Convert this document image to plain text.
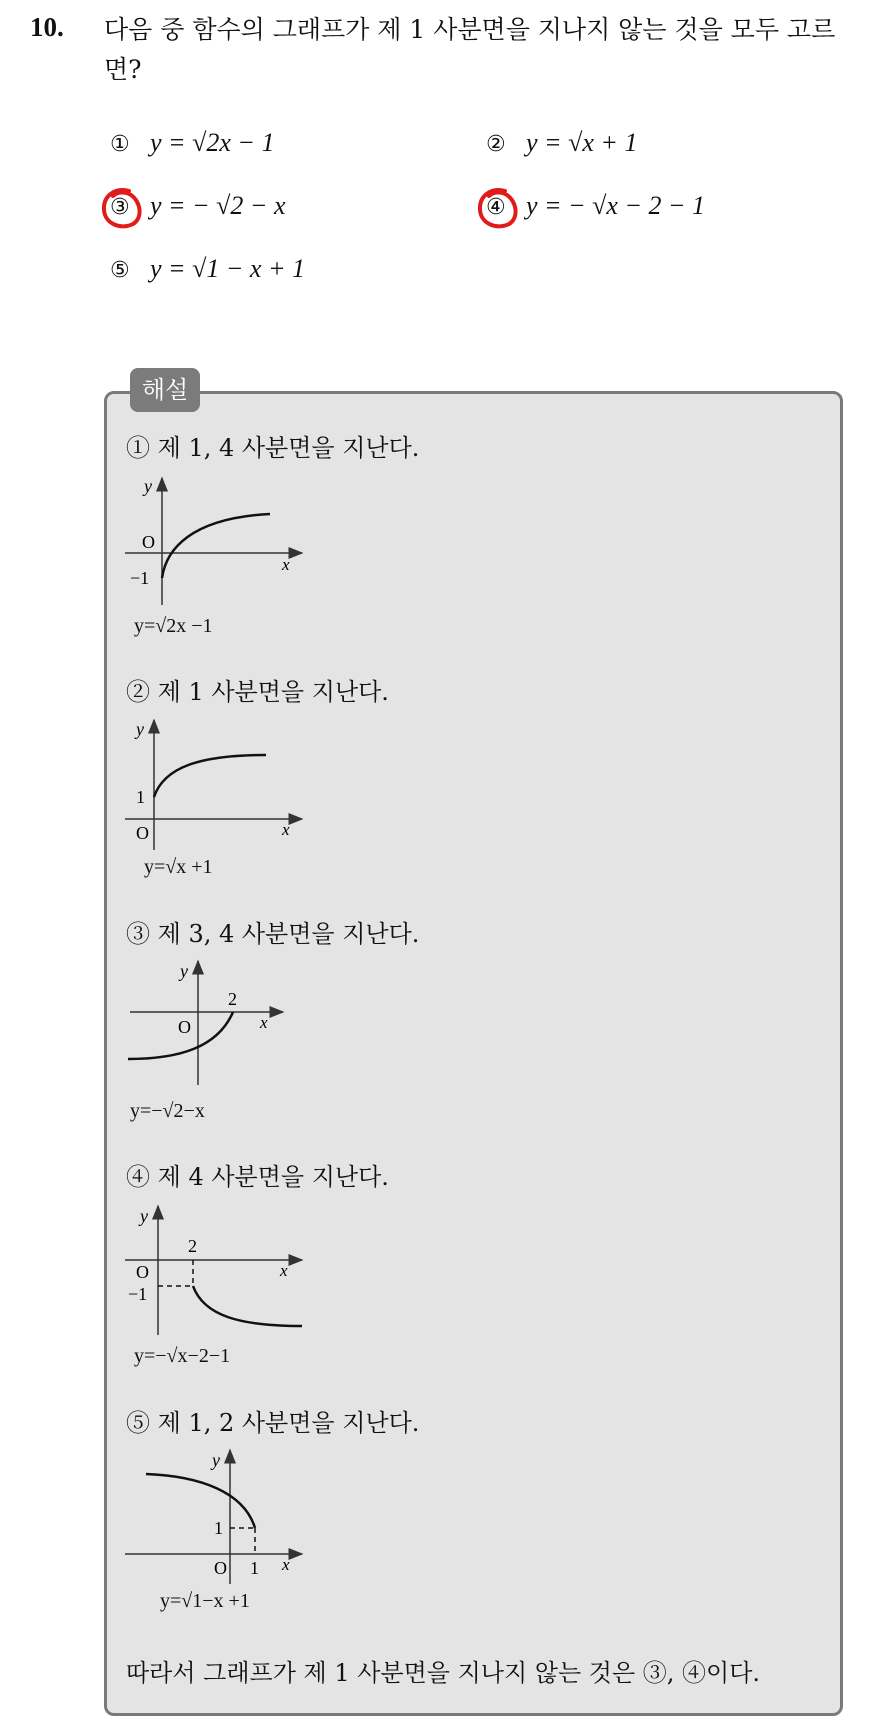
10. 다음 중 함수의 그래프가 제 1 사분면을 지나지 않는 것을 모두 고르면?
① y = √2x − 1	② y = √x + 1
③ y = − √2 − x	④ y = − √x − 2 − 1
⑤ y = √1 − x + 1
해설
① 제 1, 4 사분면을 지난다.
y
x
O
−1
y=√2x −1
② 제 1 사분면을 지난다.
y
x
O
1
y=√x +1
③ 제 3, 4 사분면을 지난다.
y
x
O
2
y=−√2−x
④ 제 4 사분면을 지난다.
y
x
O
2
−1
y=−√x−2−1
⑤ 제 1, 2 사분면을 지난다.
y
x
O
1
1
y=√1−x +1
따라서 그래프가 제 1 사분면을 지나지 않는 것은 ③, ④이다.
